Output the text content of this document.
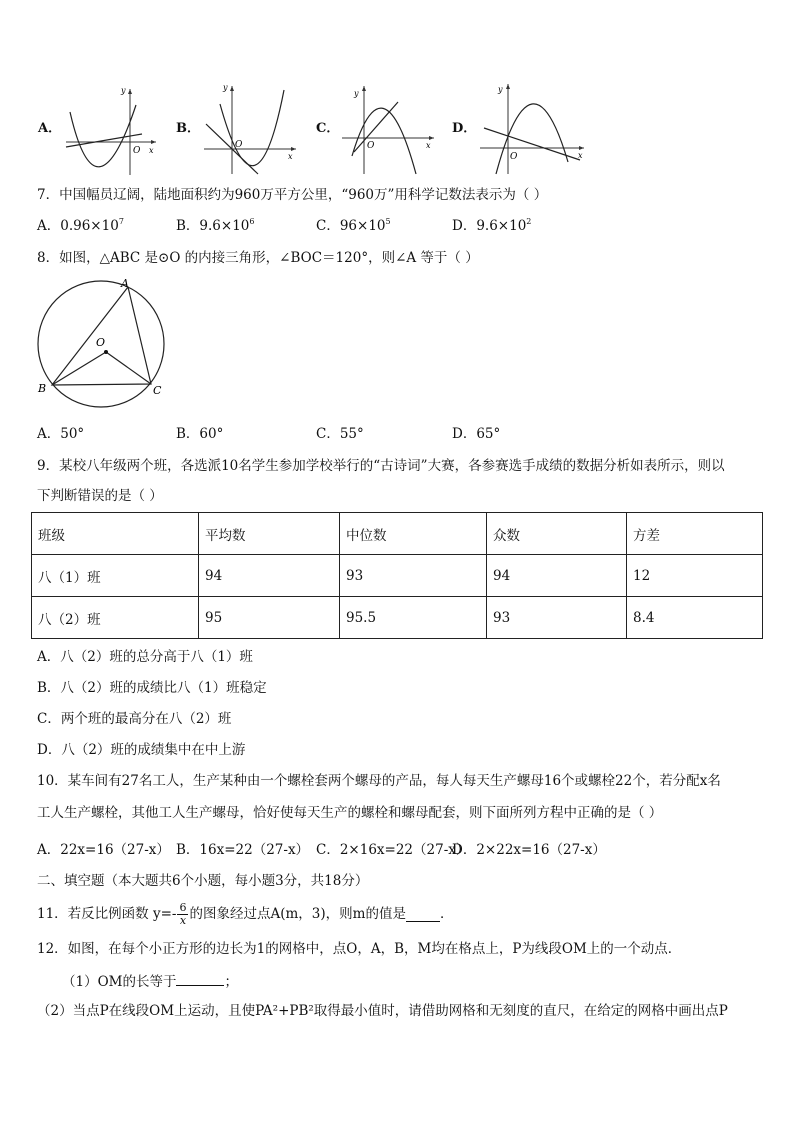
A．
y
x
O
B．
y
x
O
C．
y
x
O
D．
y
x
O
7．中国幅员辽阔，陆地面积约为960万平方公里，“960万”用科学记数法表示为（ ）
A．$0.96\times 10^7$	B．$9.6\times 10^6$	C．$96\times 10^5$	D．$9.6\times 10^2$
8．如图，△ABC 是⊙O 的内接三角形，∠BOC＝120°，则∠A 等于（ ）
A
B	C
O
A．50°	B．60°	C．55°	D．65°
9．某校八年级两个班，各选派10名学生参加学校举行的“古诗词”大赛，各参赛选手成绩的数据分析如表所示，则以
下判断错误的是（ ）
班级	平均数	中位数	众数	方差
八（1）班	94	93	94	12
八（2）班	95	95.5	93	8.4
A．八（2）班的总分高于八（1）班
B．八（2）班的成绩比八（1）班稳定
C．两个班的最高分在八（2）班
D．八（2）班的成绩集中在中上游
10．某车间有27名工人，生产某种由一个螺栓套两个螺母的产品，每人每天生产螺母16个或螺栓22个，若分配x名
工人生产螺栓，其他工人生产螺母，恰好使每天生产的螺栓和螺母配套，则下面所列方程中正确的是（ ）
A．22x=16（27-x） B．16x=22（27-x） C．2×16x=22（27-x）
D．2×22x=16（27-x）
二、填空题（本大题共6个小题，每小题3分，共18分）
11．若反比例函数 $y=- \frac{6}{x}$ 的图象经过点A(m，3)，则m的值是	．
12．如图，在每个小正方形的边长为1的网格中，点O，A，B，M均在格点上，P为线段OM上的一个动点．
（1）OM的长等于	；
（2）当点P在线段OM上运动，且使PA²+PB²取得最小值时，请借助网格和无刻度的直尺，在给定的网格中画出点P
